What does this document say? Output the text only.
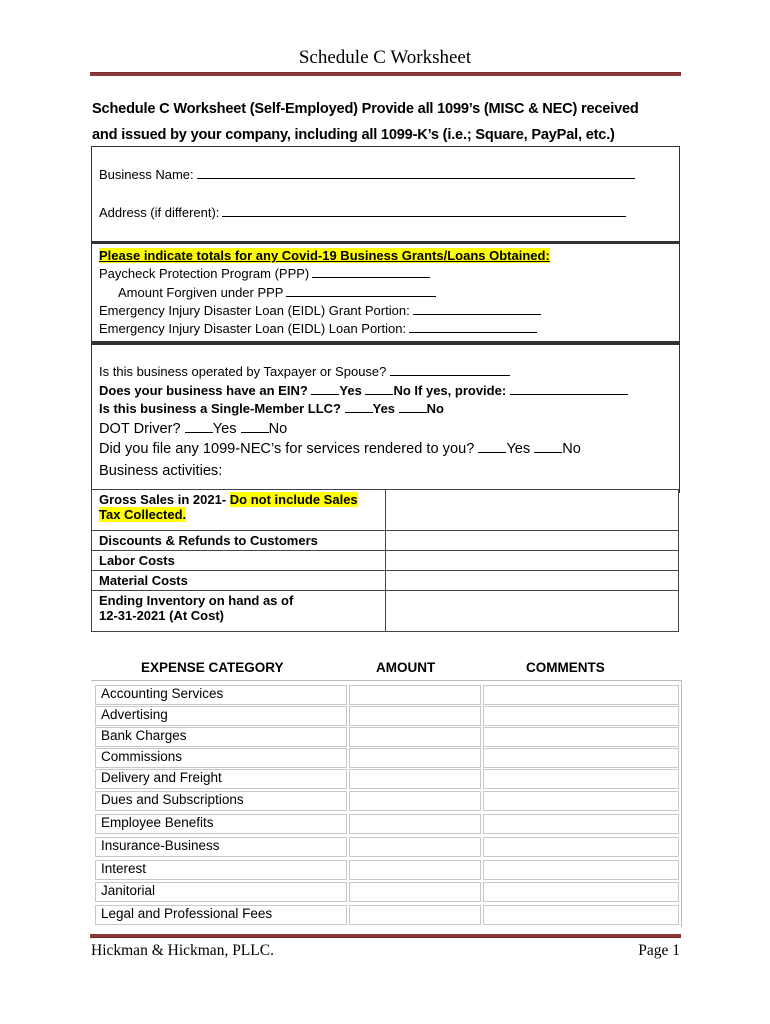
Schedule C Worksheet
Schedule C Worksheet (Self-Employed) Provide all 1099’s (MISC & NEC) received
and issued by your company, including all 1099-K’s (i.e.; Square, PayPal, etc.)
Business Name:
Address (if different):
Please indicate totals for any Covid-19 Business Grants/Loans Obtained:
Paycheck Protection Program (PPP)
Amount Forgiven under PPP
Emergency Injury Disaster Loan (EIDL) Grant Portion:
Emergency Injury Disaster Loan (EIDL) Loan Portion:
Is this business operated by Taxpayer or Spouse?
Does your business have an EIN? Yes No If yes, provide:
Is this business a Single-Member LLC? Yes No
DOT Driver? Yes No
Did you file any 1099-NEC’s for services rendered to you? Yes No
Business activities:
Gross Sales in 2021- Do not include Sales
Tax Collected.	
Discounts & Refunds to Customers	
Labor Costs	
Material Costs	
Ending Inventory on hand as of
12-31-2021 (At Cost)	
EXPENSE CATEGORY	AMOUNT	COMMENTS
Accounting Services
Advertising
Bank Charges
Commissions
Delivery and Freight
Dues and Subscriptions
Employee Benefits
Insurance-Business
Interest
Janitorial
Legal and Professional Fees
Hickman & Hickman, PLLC.	Page 1
